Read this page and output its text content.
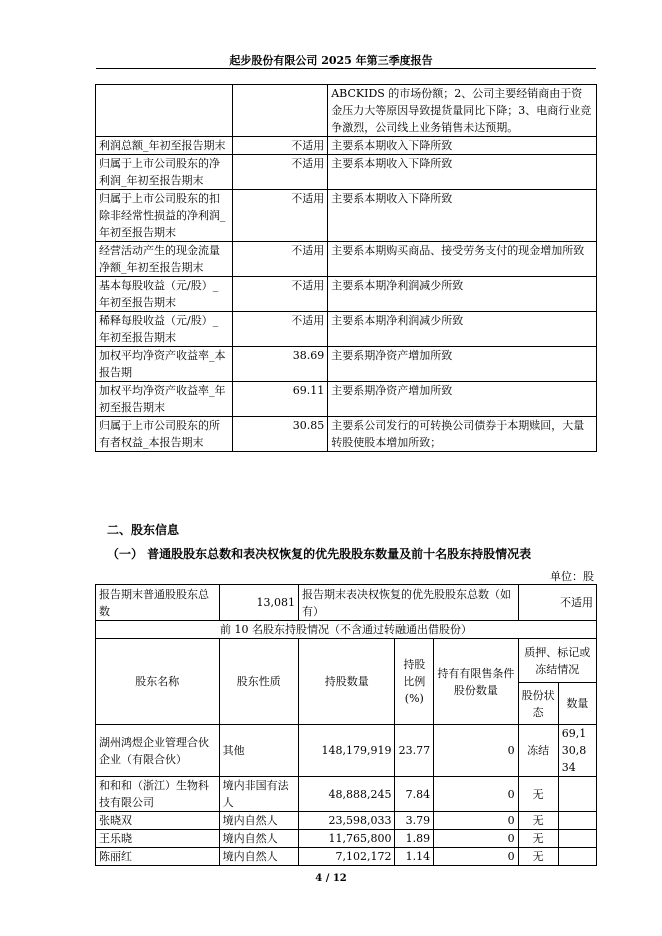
起步股份有限公司 2025 年第三季度报告
		ABCKIDS 的市场份额；2、公司主要经销商由于资金压力大等原因导致提货量同比下降；3、电商行业竞争激烈，公司线上业务销售未达预期。
利润总额_年初至报告期末	不适用	主要系本期收入下降所致
归属于上市公司股东的净利润_年初至报告期末	不适用	主要系本期收入下降所致
归属于上市公司股东的扣除非经常性损益的净利润_年初至报告期末	不适用	主要系本期收入下降所致
经营活动产生的现金流量净额_年初至报告期末	不适用	主要系本期购买商品、接受劳务支付的现金增加所致
基本每股收益（元/股）_年初至报告期末	不适用	主要系本期净利润减少所致
稀释每股收益（元/股）_年初至报告期末	不适用	主要系本期净利润减少所致
加权平均净资产收益率_本报告期	38.69	主要系期净资产增加所致
加权平均净资产收益率_年初至报告期末	69.11	主要系期净资产增加所致
归属于上市公司股东的所有者权益_本报告期末	30.85	主要系公司发行的可转换公司债券于本期赎回，大量转股使股本增加所致；
二、股东信息
（一） 普通股股东总数和表决权恢复的优先股股东数量及前十名股东持股情况表
单位：股
报告期末普通股股东总数	13,081	报告期末表决权恢复的优先股股东总数（如有）			不适用	
前 10 名股东持股情况（不含通过转融通出借股份）						
股东名称	股东性质	持股数量	持股比例(%)	持有有限售条件股份数量	质押、标记或冻结情况	
					股份状态	数量
湖州鸿煜企业管理合伙企业（有限合伙）	其他	148,179,919	23.77	0	冻结	69,130,834
和和和（浙江）生物科技有限公司	境内非国有法人	48,888,245	7.84	0	无	
张晓双	境内自然人	23,598,033	3.79	0	无	
王乐晓	境内自然人	11,765,800	1.89	0	无	
陈丽红	境内自然人	7,102,172	1.14	0	无	
4 / 12
